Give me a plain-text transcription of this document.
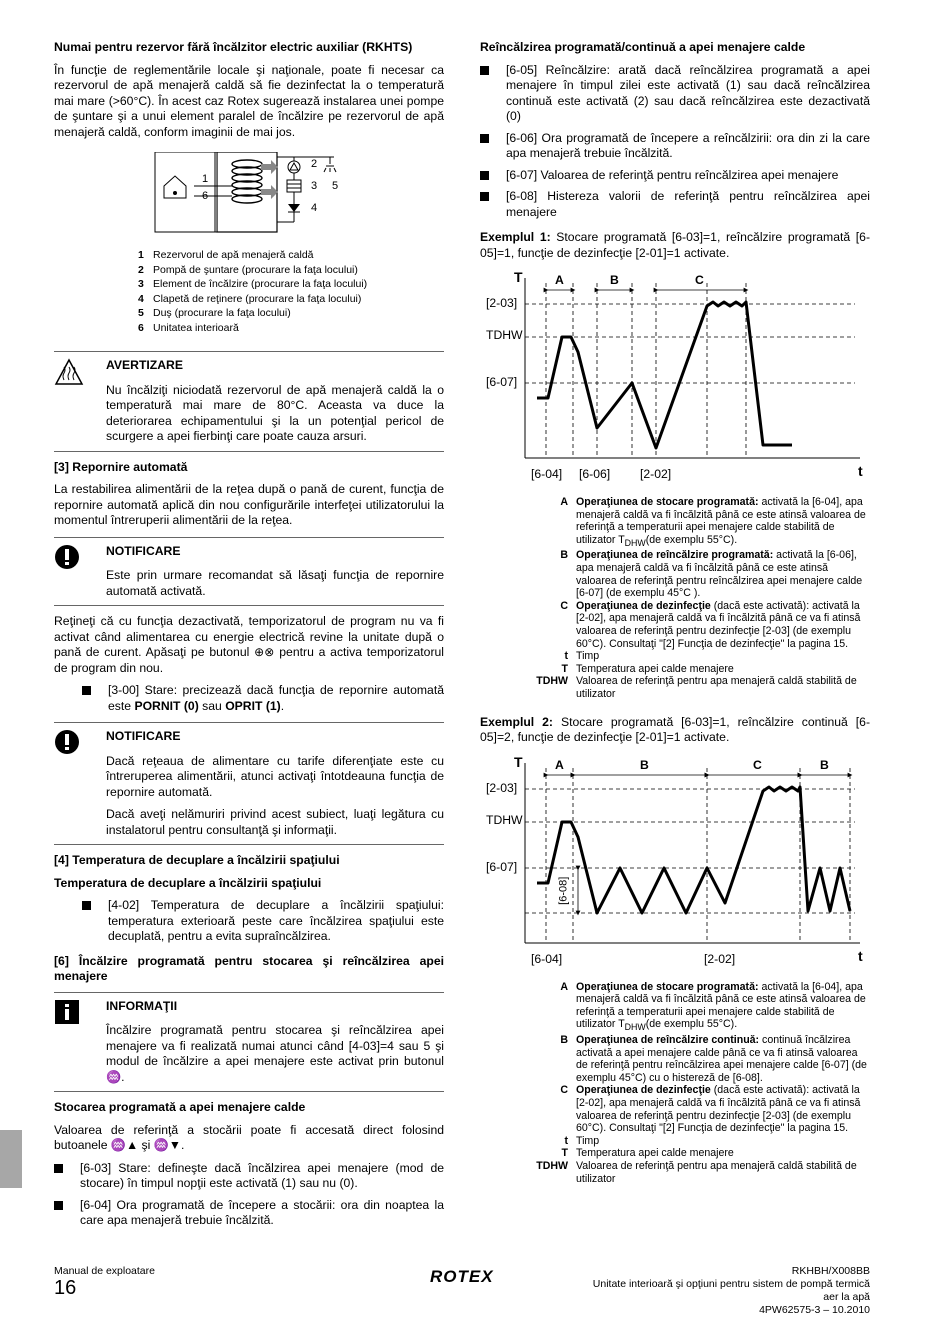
Numai pentru rezervor fără încălzitor electric auxiliar (RKHTS)

În funcţie de reglementările locale şi naţionale, poate fi necesar ca rezervorul de apă menajeră caldă să fie dezinfectat la o temperatură mai mare (>60°C). În acest caz Rotex sugerează instalarea unei pompe de şuntare şi a unui element paralel de încălzire pe rezervorul de apă menajeră caldă, conform imaginii de mai jos.

1
6
2
3
4
5
1 Rezervorul de apă menajeră caldă
2 Pompă de şuntare (procurare la faţa locului)
3 Element de încălzire (procurare la faţa locului)
4 Clapetă de reţinere (procurare la faţa locului)
5 Duş (procurare la faţa locului)
6 Unitatea interioară
AVERTIZARE

Nu încălziţi niciodată rezervorul de apă menajeră caldă la o temperatură mai mare de 80°C. Aceasta va duce la deteriorarea echipamentului şi la un potenţial pericol de scurgere a apei fierbinţi care poate cauza arsuri.

[3] Repornire automată

La restabilirea alimentării de la reţea după o pană de curent, funcţia de repornire automată aplică din nou configurările interfeţei utilizatorului la momentul întreruperii alimentării de la reţea.

NOTIFICARE

Este prin urmare recomandat să lăsaţi funcţia de repornire automată activată.

Reţineţi că cu funcţia dezactivată, temporizatorul de program nu va fi activat când alimentarea cu energie electrică revine la unitate după o pană de curent. Apăsaţi pe butonul ⊕⊗ pentru a activa temporizatorul de program din nou.

[3-00] Stare: precizează dacă funcţia de repornire automată este PORNIT (0) sau OPRIT (1).
NOTIFICARE

Dacă reţeaua de alimentare cu tarife diferenţiate este cu întreruperea alimentării, atunci activaţi întotdeauna funcţia de repornire automată.

Dacă aveţi nelămuriri privind acest subiect, luaţi legătura cu instalatorul pentru consultanţă şi informaţii.

[4] Temperatura de decuplare a încălzirii spaţiului
Temperatura de decuplare a încălzirii spaţiului
[4-02] Temperatura de decuplare a încălzirii spaţiului: temperatura exterioară peste care încălzirea spaţiului este decuplată, pentru a evita supraîncălzirea.
[6] Încălzire programată pentru stocarea şi reîncălzirea apei menajere
INFORMAŢII

Încălzire programată pentru stocarea şi reîncălzirea apei menajere va fi realizată numai atunci când [4-03]=4 sau 5 şi modul de încălzire a apei menajere este activat prin butonul ♒.

Stocarea programată a apei menajere calde

Valoarea de referinţă a stocării poate fi accesată direct folosind butoanele ♒▲ şi ♒▼.

[6-03] Stare: defineşte dacă încălzirea apei menajere (mod de stocare) în timpul nopţii este activată (1) sau nu (0).
[6-04] Ora programată de începere a stocării: ora din noaptea la care apa menajeră trebuie încălzită.
Reîncălzirea programată/continuă a apei menajere calde
[6-05] Reîncălzire: arată dacă reîncălzirea programată a apei menajere în timpul zilei este activată (1) sau dacă reîncălzirea continuă este activată (2) sau dacă reîncălzirea este dezactivată (0)
[6-06] Ora programată de începere a reîncălzirii: ora din zi la care apa menajeră trebuie încălzită.
[6-07] Valoarea de referinţă pentru reîncălzirea apei menajere
[6-08] Histereza valorii de referinţă pentru reîncălzirea apei menajere

Exemplul 1: Stocare programată [6-03]=1, reîncălzire programată [6-05]=1, funcţie de dezinfecţie [2-01]=1 activate.

T
t
[2-03]
TDHW
[6-07]
[6-04] [6-06] [2-02]
A	B	C
A Operaţiunea de stocare programată: activată la [6-04], apa menajeră caldă va fi încălzită până ce este atinsă valoarea de referinţă a temperaturii apei menajere calde stabilită de utilizator $T_{DHW}(de$ exemplu 55°C).
B Operaţiunea de reîncălzire programată: activată la [6-06], apa menajeră caldă va fi încălzită până ce este atinsă valoarea de referinţă pentru reîncălzirea apei menajere calde [6-07] (de exemplu 45°C ).
C Operaţiunea de dezinfecţie (dacă este activată): activată la [2-02], apa menajeră caldă va fi încălzită până ce va fi atinsă valoarea de referinţă pentru dezinfecţie [2-03] (de exemplu 60°C). Consultaţi "[2] Funcţia de dezinfecţie" la pagina 15.
t Timp
T Temperatura apei calde menajere
TDHW Valoarea de referinţă pentru apa menajeră caldă stabilită de utilizator

Exemplul 2: Stocare programată [6-03]=1, reîncălzire continuă [6-05]=2, funcţie de dezinfecţie [2-01]=1 activate.

T
t
[2-03]
TDHW
[6-07]
[6-04]	[2-02]
[6-08]
A	B	C	B
A Operaţiunea de stocare programată: activată la [6-04], apa menajeră caldă va fi încălzită până ce este atinsă valoarea de referinţă a temperaturii apei menajere calde stabilită de utilizator $T_{DHW}(de$ exemplu 55°C).
B Operaţiunea de reîncălzire continuă: continuă încălzirea activată a apei menajere calde până ce va fi atinsă valoarea de referinţă pentru reîncălzirea apei menajere calde [6-07] (de exemplu 45°C) cu o histereză de [6-08].
C Operaţiunea de dezinfecţie (dacă este activată): activată la [2-02], apa menajeră caldă va fi încălzită până ce va fi atinsă valoarea de referinţă pentru dezinfecţie [2-03] (de exemplu 60°C). Consultaţi "[2] Funcţia de dezinfecţie" la pagina 15.
t Timp
T Temperatura apei calde menajere
TDHW Valoarea de referinţă pentru apa menajeră caldă stabilită de utilizator
Manual de exploatare
16
ROTEX	RKHBH/X008BB
Unitate interioară şi opţiuni pentru sistem de pompă termică
aer la apă
4PW62575-3 – 10.2010
